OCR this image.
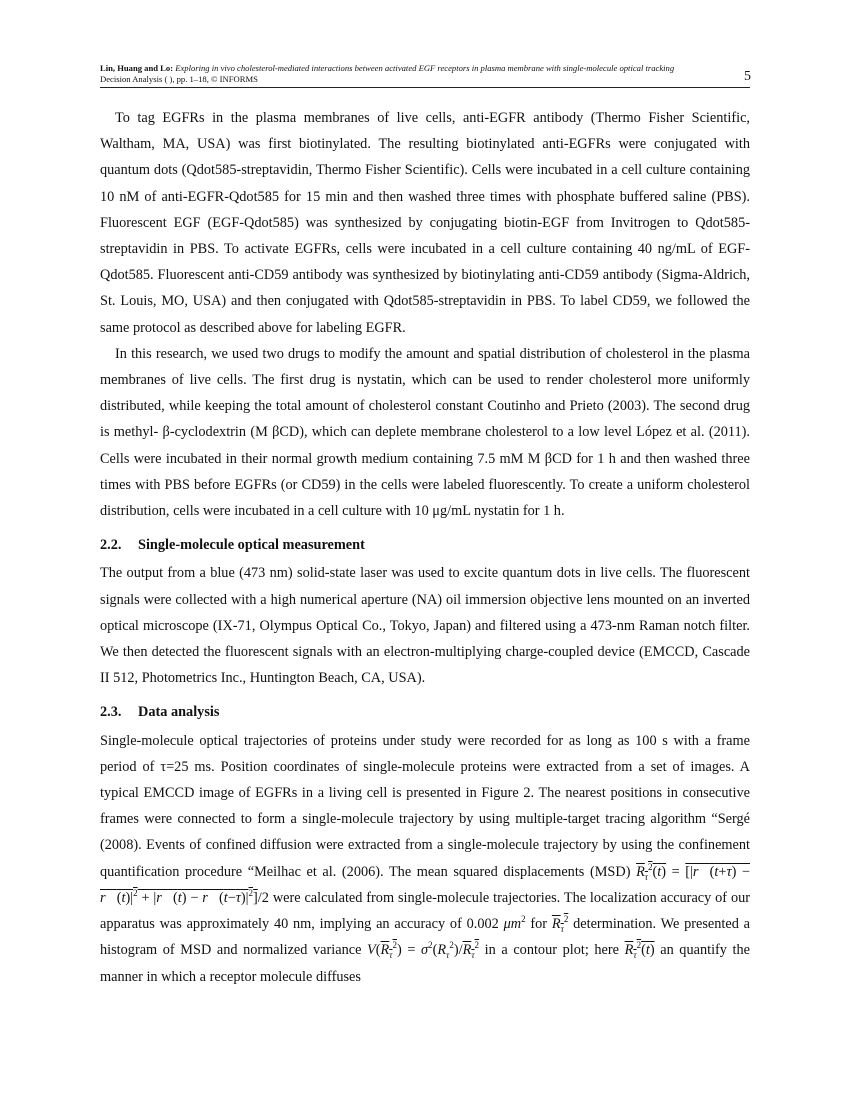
Lin, Huang and Lo: Exploring in vivo cholesterol-mediated interactions between activated EGF receptors in plasma membrane with single-molecule optical tracking
Decision Analysis ( ), pp. 1–18, © INFORMS	5

To tag EGFRs in the plasma membranes of live cells, anti-EGFR antibody (Thermo Fisher Scientific, Waltham, MA, USA) was first biotinylated. The resulting biotinylated anti-EGFRs were conjugated with quantum dots (Qdot585-streptavidin, Thermo Fisher Scientific). Cells were incubated in a cell culture containing 10 nM of anti-EGFR-Qdot585 for 15 min and then washed three times with phosphate buffered saline (PBS). Fluorescent EGF (EGF-Qdot585) was synthesized by conjugating biotin-EGF from Invitrogen to Qdot585-streptavidin in PBS. To activate EGFRs, cells were incubated in a cell culture containing 40 ng/mL of EGF-Qdot585. Fluorescent anti-CD59 antibody was synthesized by biotinylating anti-CD59 antibody (Sigma-Aldrich, St. Louis, MO, USA) and then conjugated with Qdot585-streptavidin in PBS. To label CD59, we followed the same protocol as described above for labeling EGFR.

In this research, we used two drugs to modify the amount and spatial distribution of cholesterol in the plasma membranes of live cells. The first drug is nystatin, which can be used to render cholesterol more uniformly distributed, while keeping the total amount of cholesterol constant Coutinho and Prieto (2003). The second drug is methyl- β-cyclodextrin (M βCD), which can deplete membrane cholesterol to a low level López et al. (2011). Cells were incubated in their normal growth medium containing 7.5 mM M βCD for 1 h and then washed three times with PBS before EGFRs (or CD59) in the cells were labeled fluorescently. To create a uniform cholesterol distribution, cells were incubated in a cell culture with 10 μg/mL nystatin for 1 h.

2.2. Single-molecule optical measurement

The output from a blue (473 nm) solid-state laser was used to excite quantum dots in live cells. The fluorescent signals were collected with a high numerical aperture (NA) oil immersion objective lens mounted on an inverted optical microscope (IX-71, Olympus Optical Co., Tokyo, Japan) and filtered using a 473-nm Raman notch filter. We then detected the fluorescent signals with an electron-multiplying charge-coupled device (EMCCD, Cascade II 512, Photometrics Inc., Huntington Beach, CA, USA).

2.3. Data analysis

Single-molecule optical trajectories of proteins under study were recorded for as long as 100 s with a frame period of τ=25 ms. Position coordinates of single-molecule proteins were extracted from a set of images. A typical EMCCD image of EGFRs in a living cell is presented in Figure 2. The nearest positions in consecutive frames were connected to form a single-molecule trajectory by using multiple-target tracing algorithm “Sergé (2008). Events of confined diffusion were extracted from a single-molecule trajectory by using the confinement quantification procedure “Meilhac et al. (2006). The mean squared displacements (MSD) $R_\tau^2(t)$ = [|r⃗(t+τ) − $r⃗(t)|^2$ + |r⃗(t) − $r⃗(t-\tau)|^2]/2$ were calculated from single-molecule trajectories. The localization accuracy of our apparatus was approximately 40 nm, implying an accuracy of 0.002 $\mu m^2$ for $R_\tau^2$ determination. We presented a histogram of MSD and normalized variance $V(R_\tau^2) = \sigma^2(R_\tau^2)/R_\tau^2$ in a contour plot; here $R_\tau^2(t)$ an quantify the manner in which a receptor molecule diffuses
